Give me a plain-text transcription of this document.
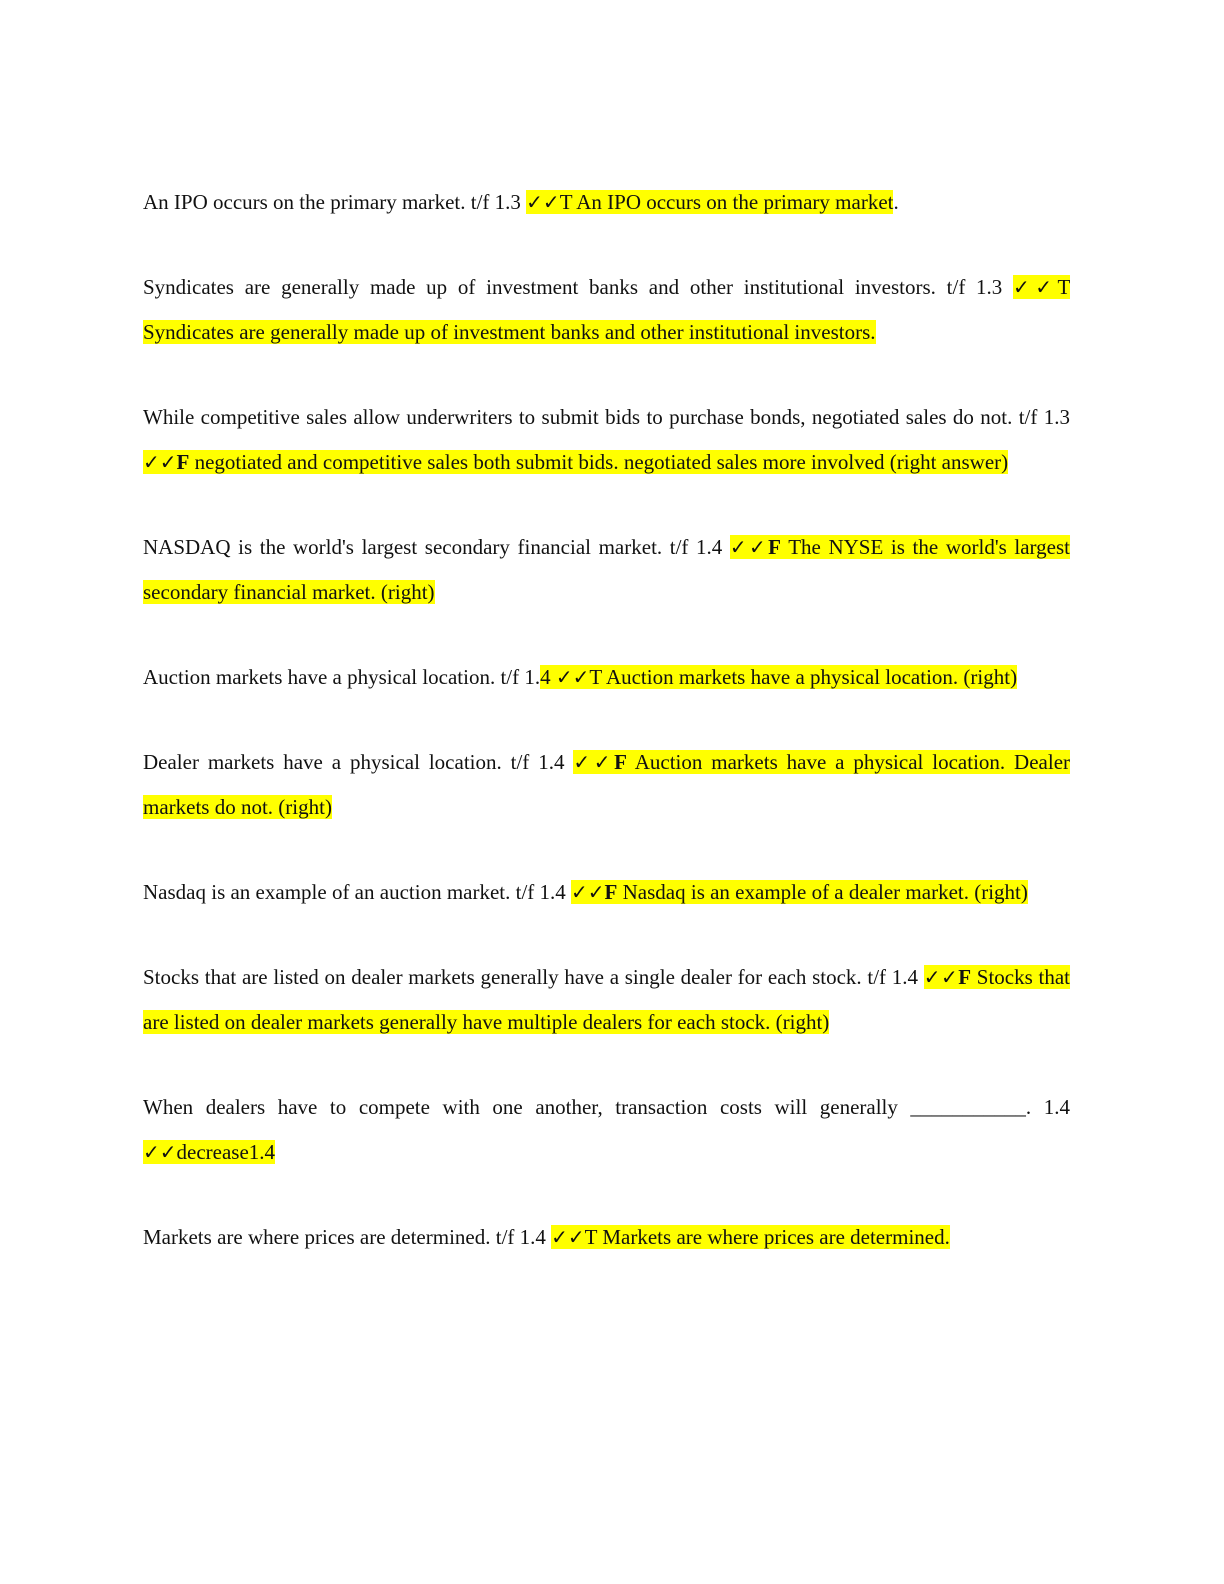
An IPO occurs on the primary market. t/f 1.3 ✓✓T An IPO occurs on the primary market.

Syndicates are generally made up of investment banks and other institutional investors. t/f 1.3 ✓✓T Syndicates are generally made up of investment banks and other institutional investors.

While competitive sales allow underwriters to submit bids to purchase bonds, negotiated sales do not. t/f 1.3 ✓✓F negotiated and competitive sales both submit bids. negotiated sales more involved (right answer)

NASDAQ is the world's largest secondary financial market. t/f 1.4 ✓✓F The NYSE is the world's largest secondary financial market. (right)

Auction markets have a physical location. t/f 1.4 ✓✓T Auction markets have a physical location. (right)

Dealer markets have a physical location. t/f 1.4 ✓✓F Auction markets have a physical location. Dealer markets do not. (right)

Nasdaq is an example of an auction market. t/f 1.4 ✓✓F Nasdaq is an example of a dealer market. (right)

Stocks that are listed on dealer markets generally have a single dealer for each stock. t/f 1.4 ✓✓F Stocks that are listed on dealer markets generally have multiple dealers for each stock. (right)

When dealers have to compete with one another, transaction costs will generally ___________. 1.4 ✓✓decrease1.4

Markets are where prices are determined. t/f 1.4 ✓✓T Markets are where prices are determined.
